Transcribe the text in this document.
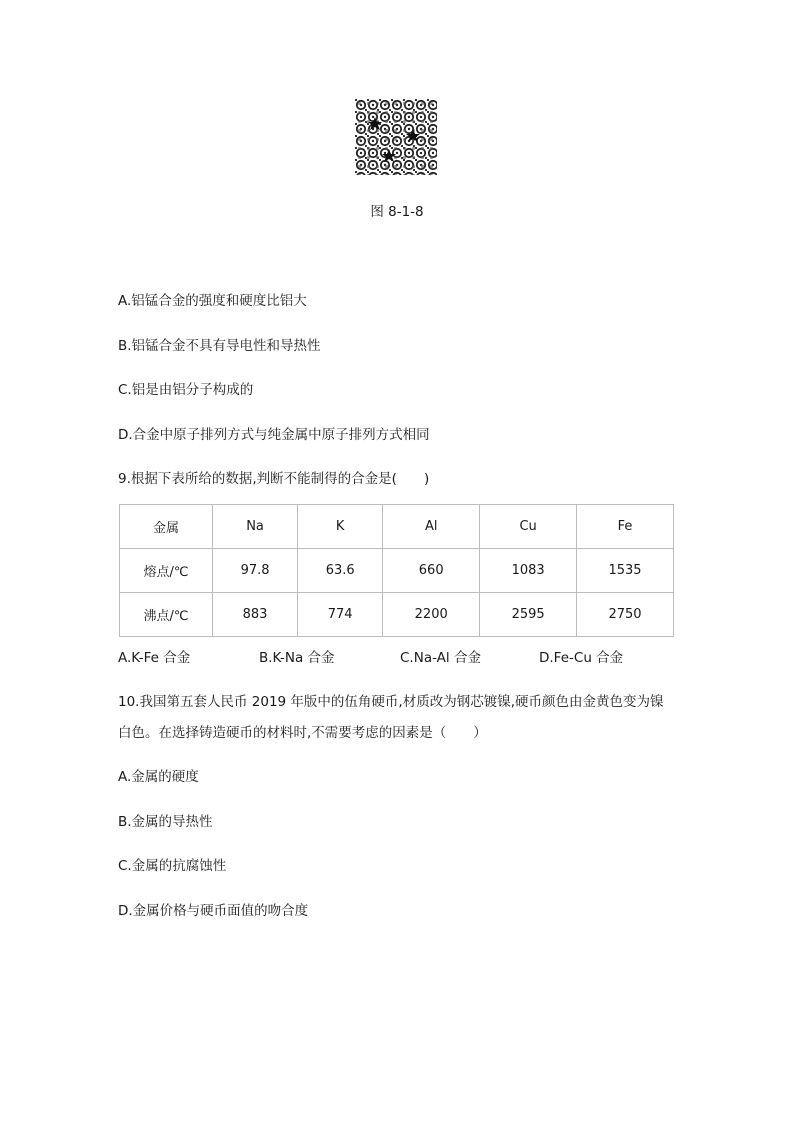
图 8-1-8
A.铝锰合金的强度和硬度比铝大
B.铝锰合金不具有导电性和导热性
C.铝是由铝分子构成的
D.合金中原子排列方式与纯金属中原子排列方式相同
9.根据下表所给的数据,判断不能制得的合金是(　　)
金属	Na	K	Al	Cu	Fe
熔点/℃	97.8	63.6	660	1083	1535
沸点/℃	883	774	2200	2595	2750
A.K-Fe 合金	B.K-Na 合金	C.Na-Al 合金	D.Fe-Cu 合金
10.我国第五套人民币 2019 年版中的伍角硬币,材质改为钢芯镀镍,硬币颜色由金黄色变为镍
白色。在选择铸造硬币的材料时,不需要考虑的因素是（　　）
A.金属的硬度
B.金属的导热性
C.金属的抗腐蚀性
D.金属价格与硬币面值的吻合度
